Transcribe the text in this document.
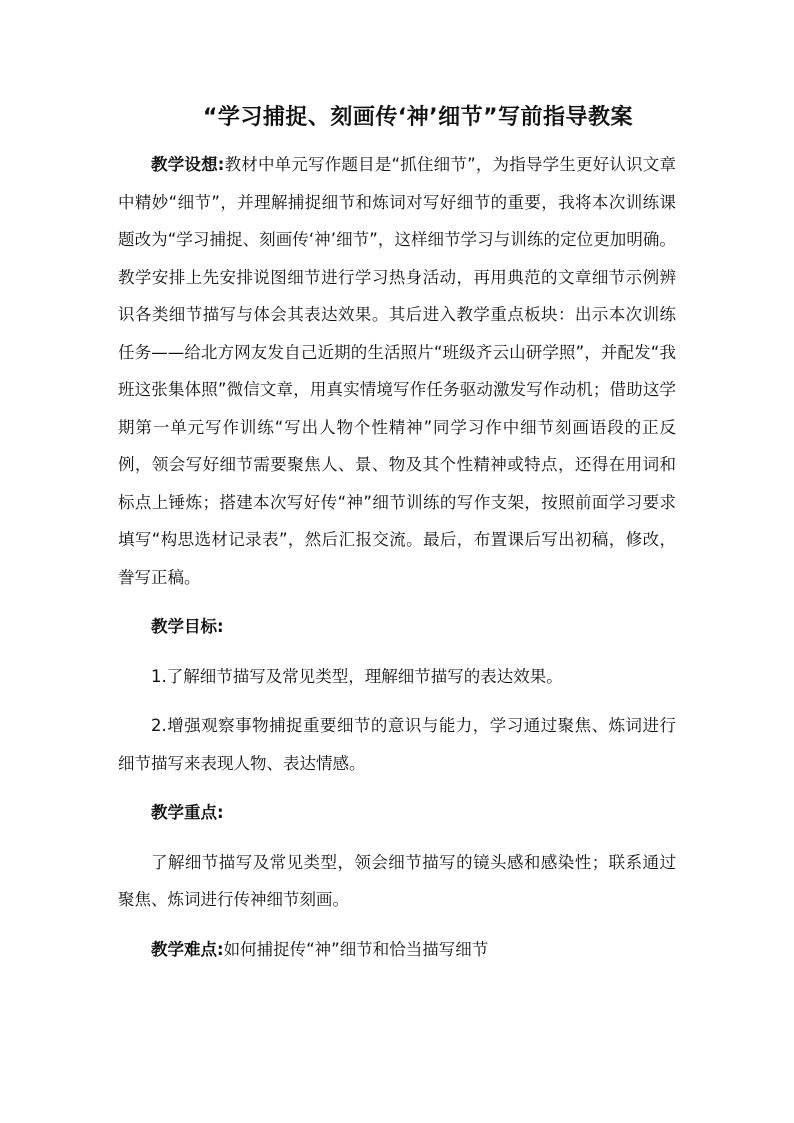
“学习捕捉、刻画传‘神’细节”写前指导教案

教学设想:教材中单元写作题目是“抓住细节”，为指导学生更好认识文章中精妙“细节”，并理解捕捉细节和炼词对写好细节的重要，我将本次训练课题改为“学习捕捉、刻画传‘神’细节”，这样细节学习与训练的定位更加明确。教学安排上先安排说图细节进行学习热身活动，再用典范的文章细节示例辨识各类细节描写与体会其表达效果。其后进入教学重点板块：出示本次训练任务——给北方网友发自己近期的生活照片“班级齐云山研学照”，并配发“我班这张集体照”微信文章，用真实情境写作任务驱动激发写作动机；借助这学期第一单元写作训练“写出人物个性精神”同学习作中细节刻画语段的正反例，领会写好细节需要聚焦人、景、物及其个性精神或特点，还得在用词和标点上锤炼；搭建本次写好传“神”细节训练的写作支架，按照前面学习要求填写“构思选材记录表”，然后汇报交流。最后，布置课后写出初稿，修改，誊写正稿。

教学目标:

1.了解细节描写及常见类型，理解细节描写的表达效果。

2.增强观察事物捕捉重要细节的意识与能力，学习通过聚焦、炼词进行细节描写来表现人物、表达情感。

教学重点:

了解细节描写及常见类型，领会细节描写的镜头感和感染性；联系通过聚焦、炼词进行传神细节刻画。

教学难点:如何捕捉传“神”细节和恰当描写细节
